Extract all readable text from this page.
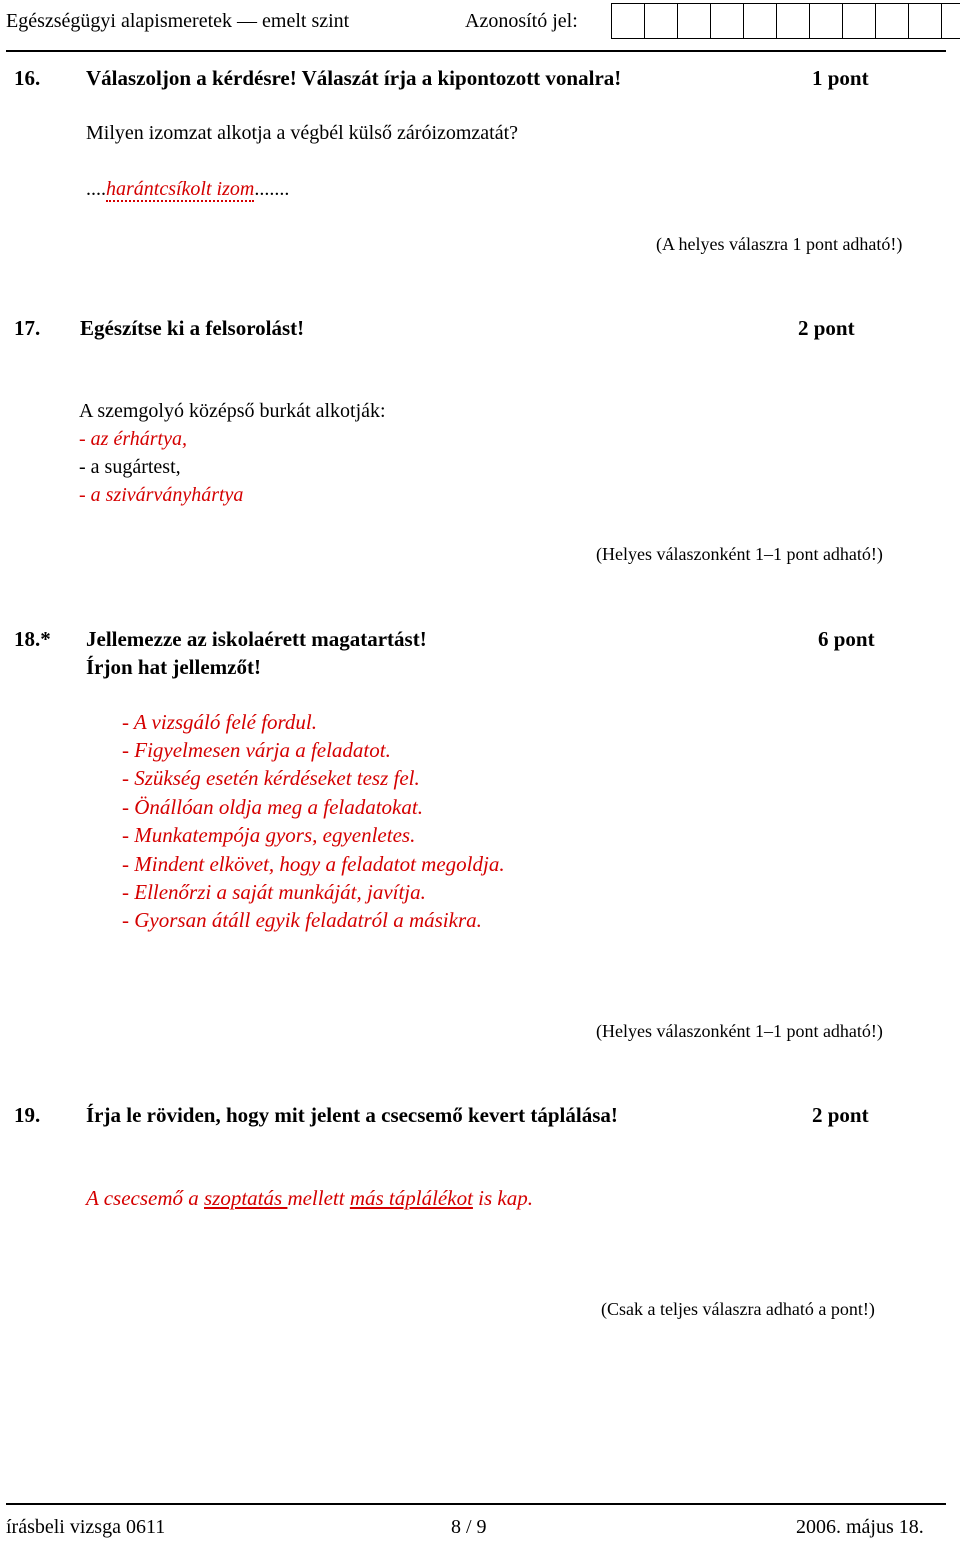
Egészségügyi alapismeretek — emelt szint	Azonosító jel:
16. Válaszoljon a kérdésre! Válaszát írja a kipontozott vonalra!	1 pont
Milyen izomzat alkotja a végbél külső záróizomzatát?
....harántcsíkolt izom.......
(A helyes válaszra 1 pont adható!)
17. Egészítse ki a felsorolást!	2 pont
A szemgolyó középső burkát alkotják:
- az érhártya,
- a sugártest,
- a szivárványhártya
(Helyes válaszonként 1–1 pont adható!)
18.* Jellemezze az iskolaérett magatartást!	6 pont
Írjon hat jellemzőt!
- A vizsgáló felé fordul.
- Figyelmesen várja a feladatot.
- Szükség esetén kérdéseket tesz fel.
- Önállóan oldja meg a feladatokat.
- Munkatempója gyors, egyenletes.
- Mindent elkövet, hogy a feladatot megoldja.
- Ellenőrzi a saját munkáját, javítja.
- Gyorsan átáll egyik feladatról a másikra.
(Helyes válaszonként 1–1 pont adható!)
19. Írja le röviden, hogy mit jelent a csecsemő kevert táplálása!	2 pont
A csecsemő a szoptatás mellett más táplálékot is kap.
(Csak a teljes válaszra adható a pont!)
írásbeli vizsga 0611	8 / 9	2006. május 18.
